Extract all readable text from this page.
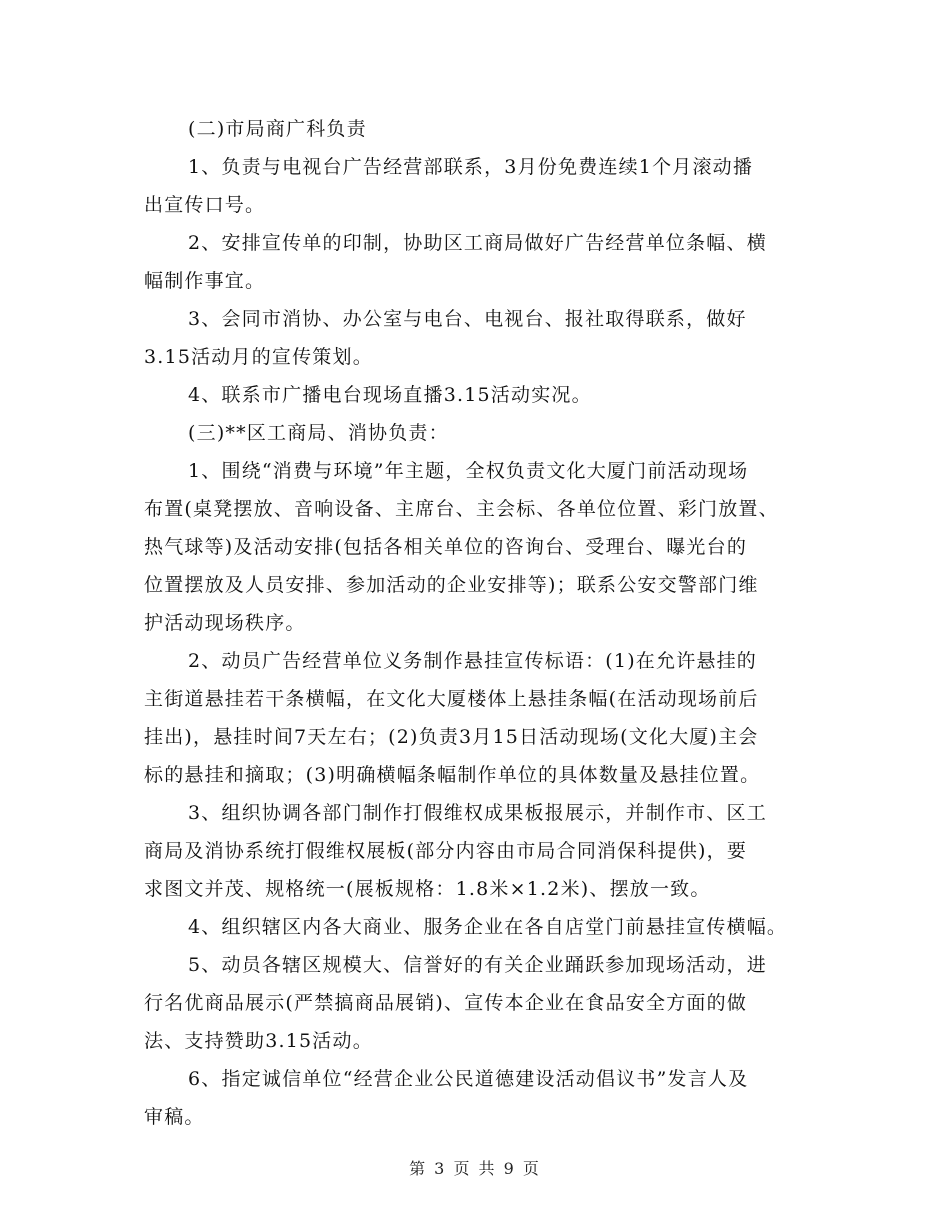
(二)市局商广科负责
1、负责与电视台广告经营部联系，3月份免费连续1个月滚动播
出宣传口号。
2、安排宣传单的印制，协助区工商局做好广告经营单位条幅、横
幅制作事宜。
3、会同市消协、办公室与电台、电视台、报社取得联系，做好
3.15活动月的宣传策划。
4、联系市广播电台现场直播3.15活动实况。
(三)**区工商局、消协负责：
1、围绕“消费与环境”年主题，全权负责文化大厦门前活动现场
布置(桌凳摆放、音响设备、主席台、主会标、各单位位置、彩门放置、
热气球等)及活动安排(包括各相关单位的咨询台、受理台、曝光台的
位置摆放及人员安排、参加活动的企业安排等)；联系公安交警部门维
护活动现场秩序。
2、动员广告经营单位义务制作悬挂宣传标语：(1)在允许悬挂的
主街道悬挂若干条横幅，在文化大厦楼体上悬挂条幅(在活动现场前后
挂出)，悬挂时间7天左右；(2)负责3月15日活动现场(文化大厦)主会
标的悬挂和摘取；(3)明确横幅条幅制作单位的具体数量及悬挂位置。
3、组织协调各部门制作打假维权成果板报展示，并制作市、区工
商局及消协系统打假维权展板(部分内容由市局合同消保科提供)，要
求图文并茂、规格统一(展板规格：1.8米×1.2米)、摆放一致。
4、组织辖区内各大商业、服务企业在各自店堂门前悬挂宣传横幅。
5、动员各辖区规模大、信誉好的有关企业踊跃参加现场活动，进
行名优商品展示(严禁搞商品展销)、宣传本企业在食品安全方面的做
法、支持赞助3.15活动。
6、指定诚信单位“经营企业公民道德建设活动倡议书”发言人及
审稿。
第 3 页 共 9 页
